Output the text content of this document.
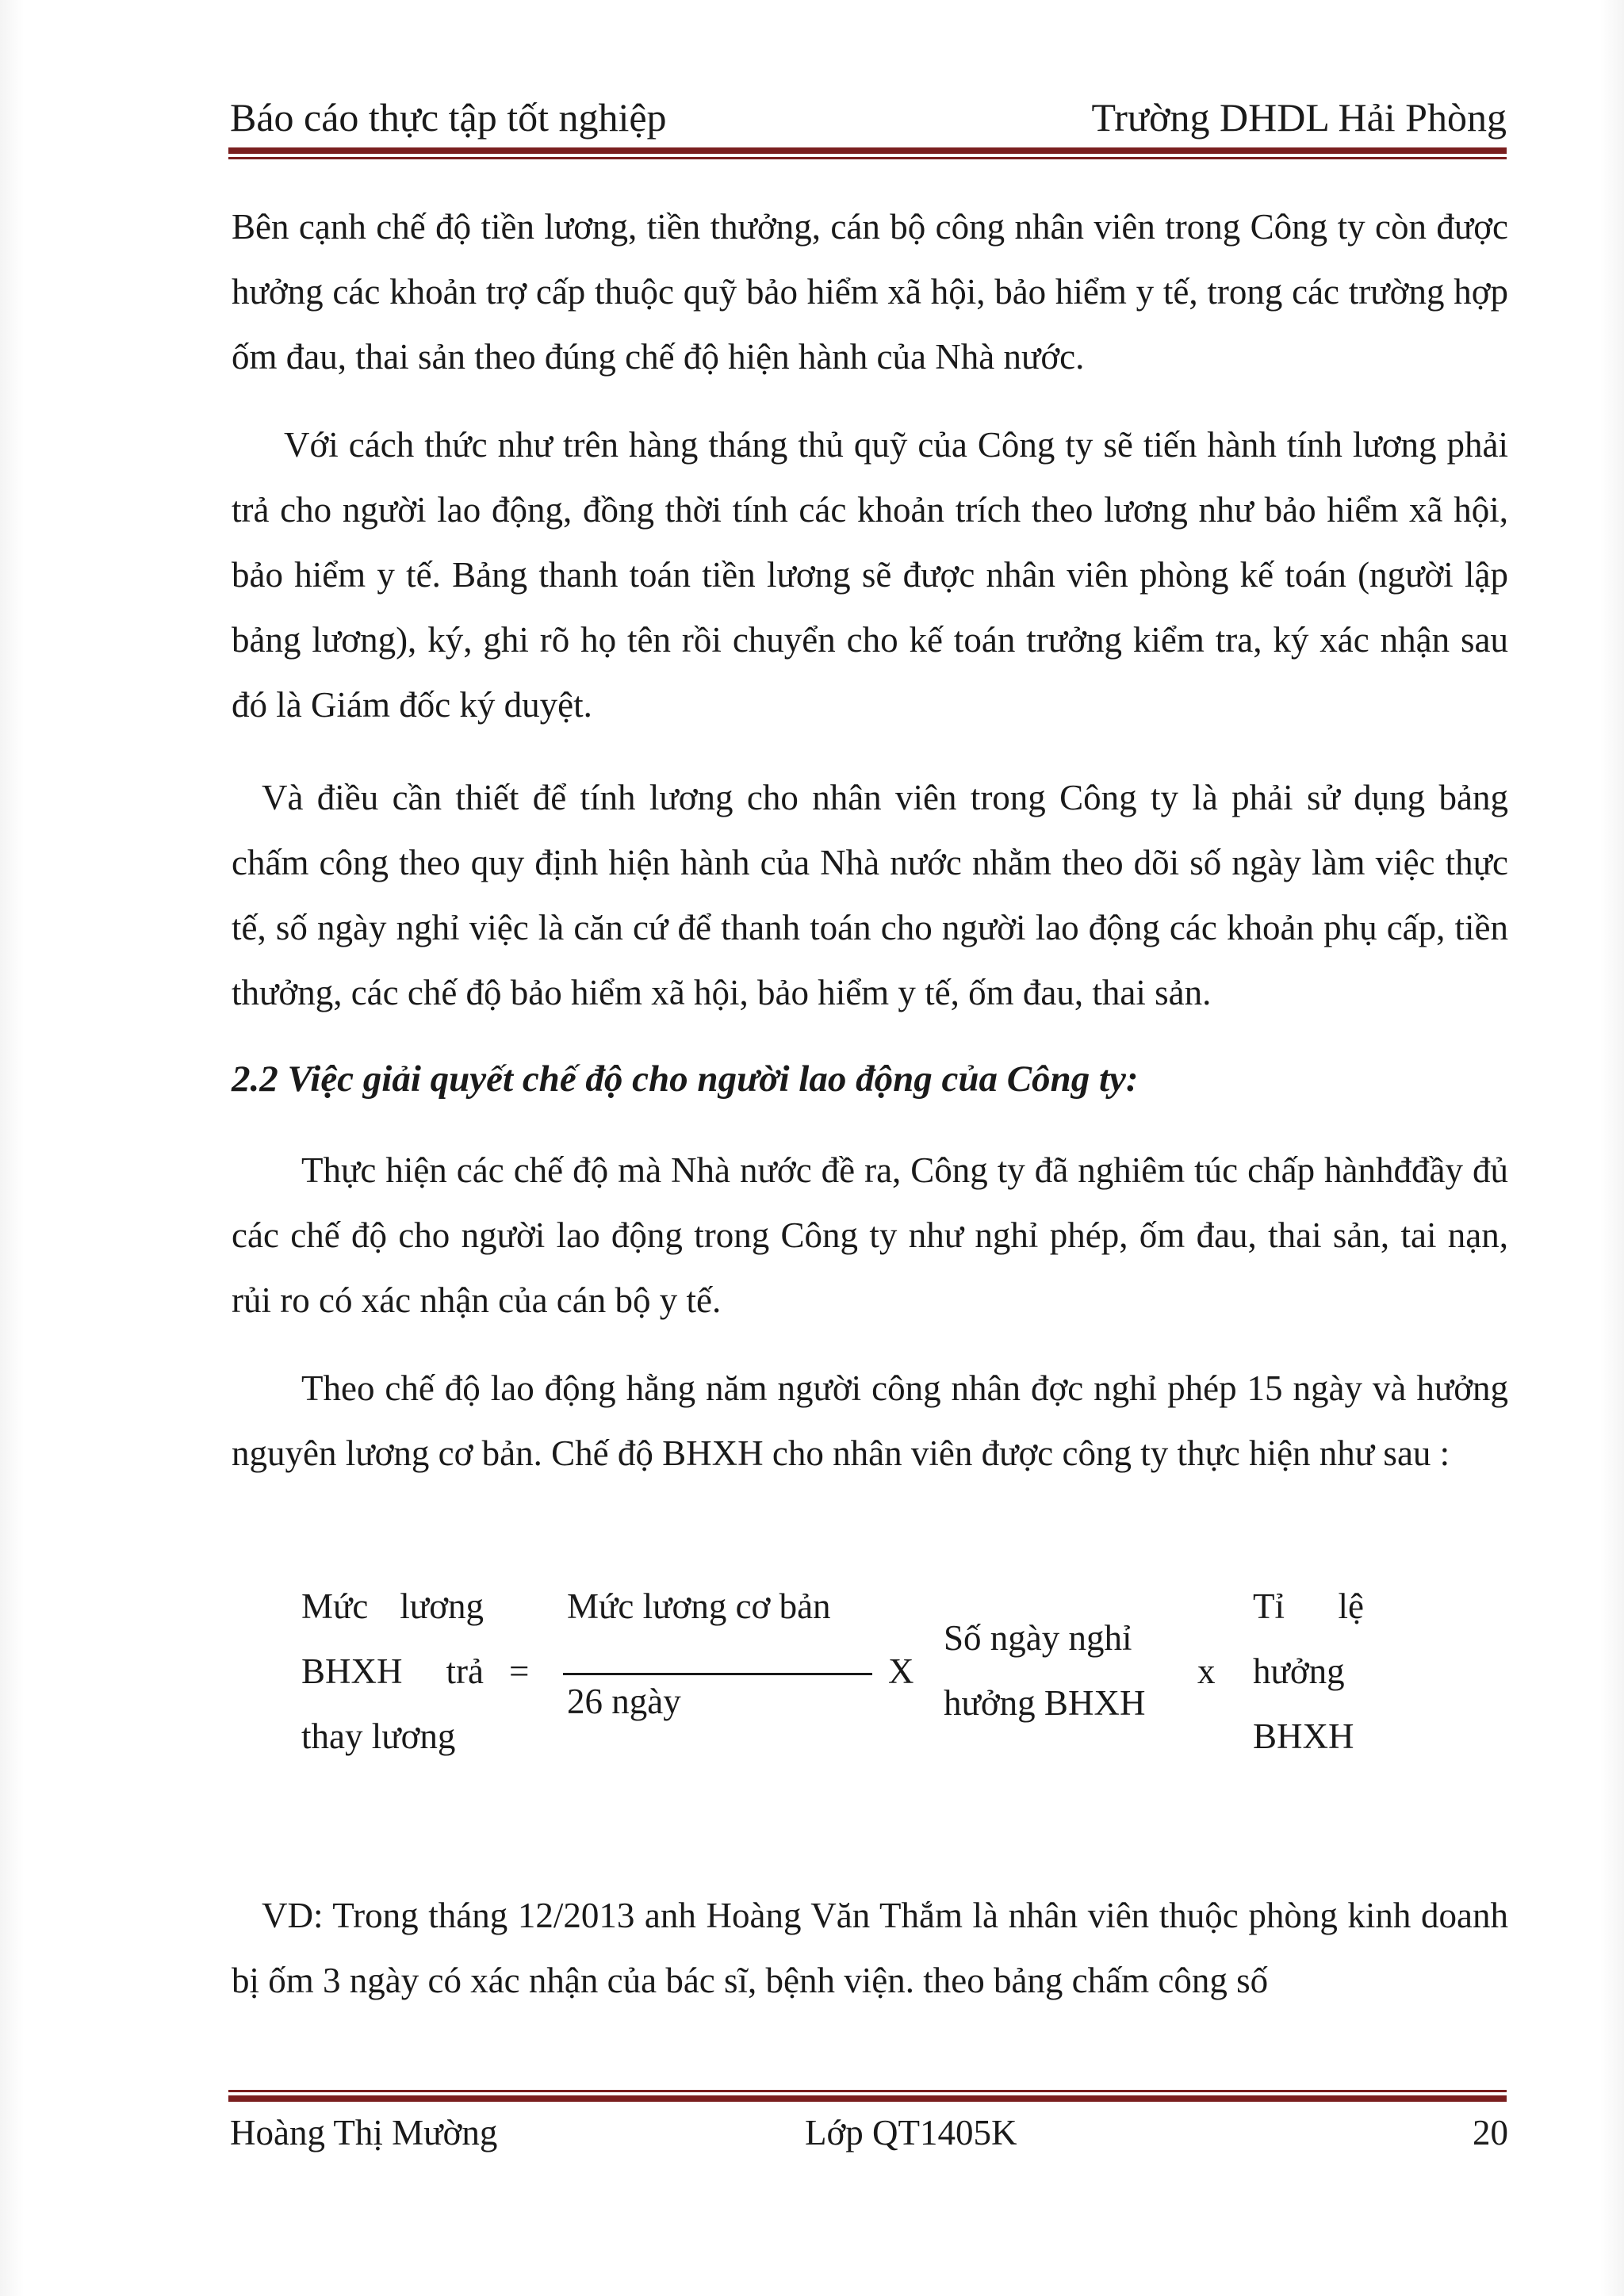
Báo cáo thực tập tốt nghiệp	Trường DHDL Hải Phòng

Bên cạnh chế độ tiền lương, tiền thưởng, cán bộ công nhân viên trong Công ty còn được hưởng các khoản trợ cấp thuộc quỹ bảo hiểm xã hội, bảo hiểm y tế, trong các trường hợp ốm đau, thai sản theo đúng chế độ hiện hành của Nhà nước.

Với cách thức như trên hàng tháng thủ quỹ của Công ty sẽ tiến hành tính lương phải trả cho người lao động, đồng thời tính các khoản trích theo lương như bảo hiểm xã hội, bảo hiểm y tế. Bảng thanh toán tiền lương sẽ được nhân viên phòng kế toán (người lập bảng lương), ký, ghi rõ họ tên rồi chuyển cho kế toán trưởng kiểm tra, ký xác nhận sau đó là Giám đốc ký duyệt.

Và điều cần thiết để tính lương cho nhân viên trong Công ty là phải sử dụng bảng chấm công theo quy định hiện hành của Nhà nước nhằm theo dõi số ngày làm việc thực tế, số ngày nghỉ việc là căn cứ để thanh toán cho người lao động các khoản phụ cấp, tiền thưởng, các chế độ bảo hiểm xã hội, bảo hiểm y tế, ốm đau, thai sản.

2.2 Việc giải quyết chế độ cho người lao động của Công ty:

Thực hiện các chế độ mà Nhà nước đề ra, Công ty đã nghiêm túc chấp hànhđđầy đủ các chế độ cho người lao động trong Công ty như nghỉ phép, ốm đau, thai sản, tai nạn, rủi ro có xác nhận của cán bộ y tế.

Theo chế độ lao động hằng năm người công nhân đợc nghỉ phép 15 ngày và hưởng nguyên lương cơ bản. Chế độ BHXH cho nhân viên được công ty thực hiện như sau :

Mức lương
BHXH trả
thay lương
=
Mức lương cơ bản
26 ngày
X
Số ngày nghỉ
hưởng BHXH
x
Tỉ lệ
hưởng
BHXH

VD: Trong tháng 12/2013 anh Hoàng Văn Thắm là nhân viên thuộc phòng kinh doanh bị ốm 3 ngày có xác nhận của bác sĩ, bệnh viện. theo bảng chấm công số

Hoàng Thị Mường	Lớp QT1405K	20
